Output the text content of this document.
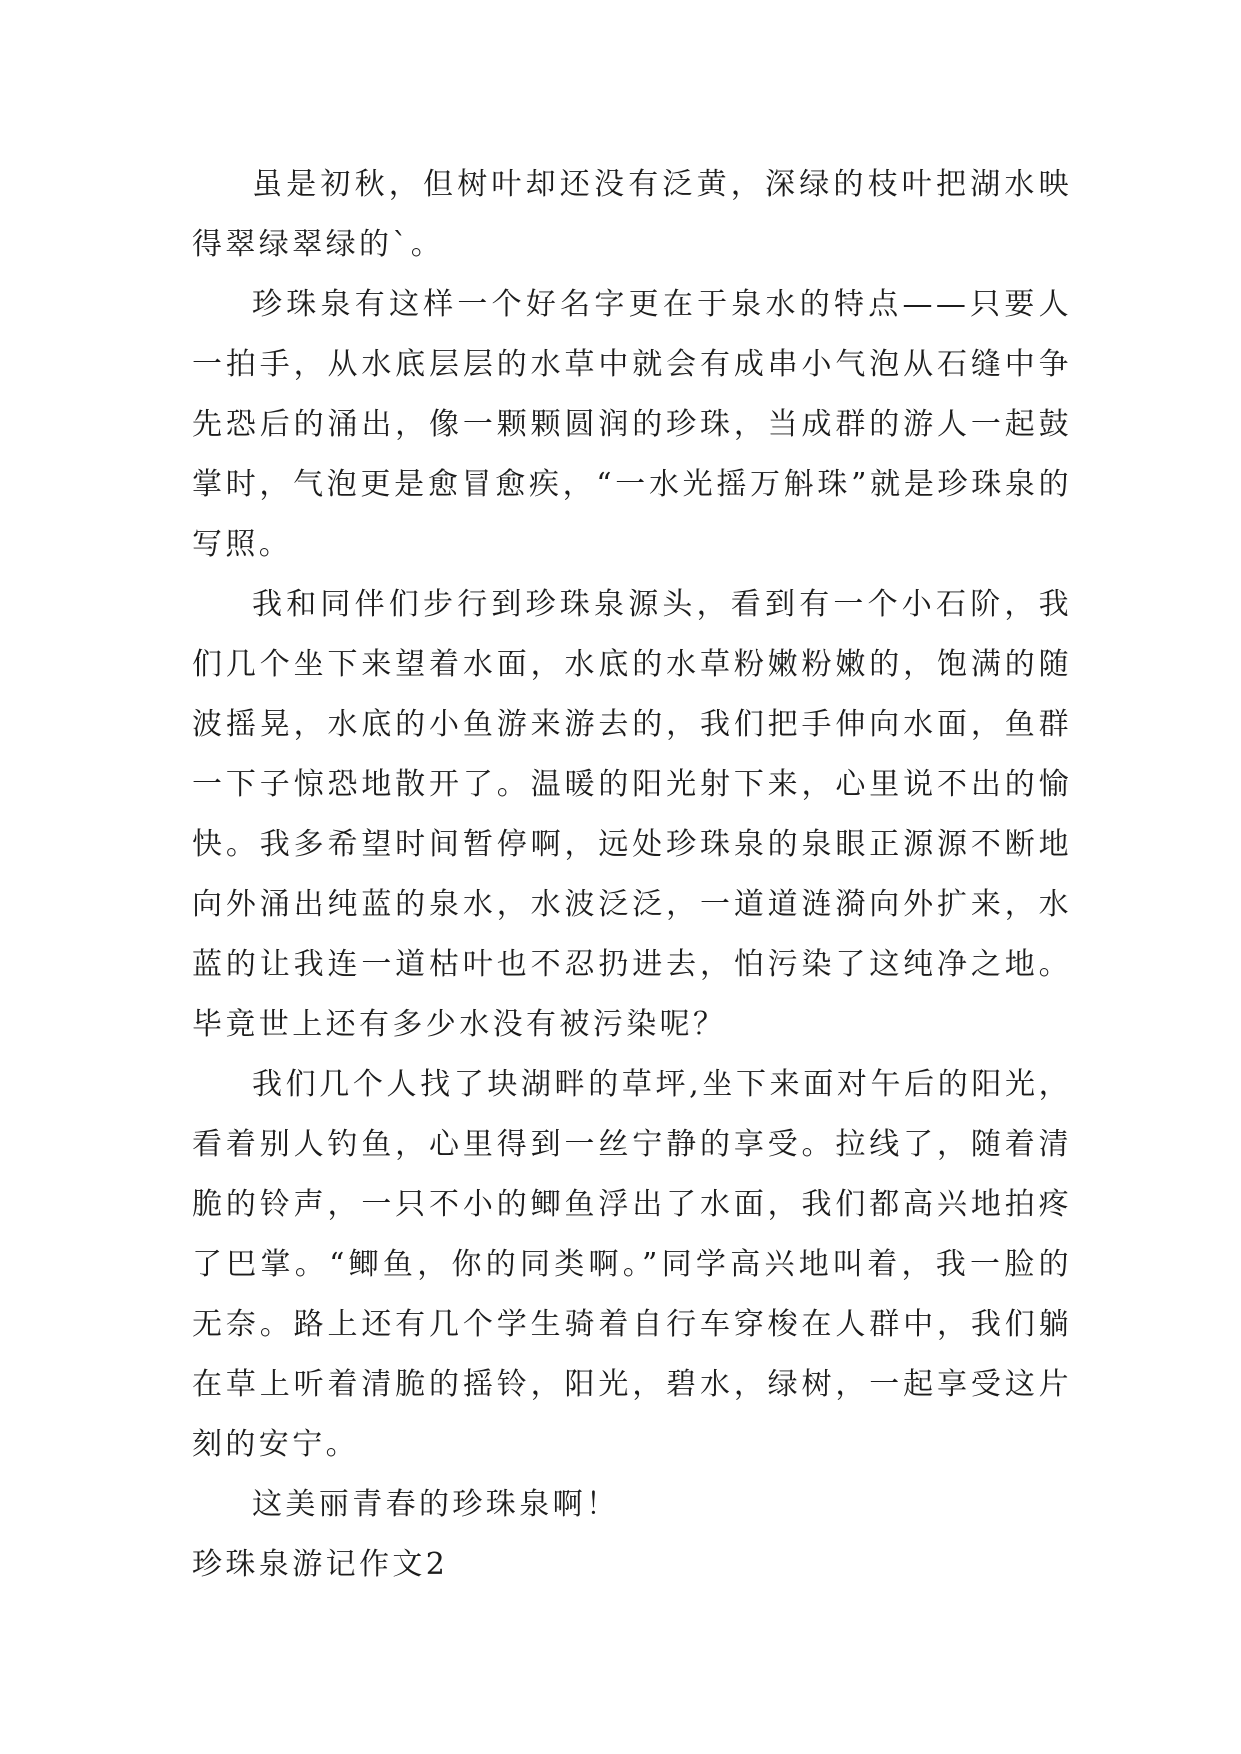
虽是初秋，但树叶却还没有泛黄，深绿的枝叶把湖水映得翠绿翠绿的`。

珍珠泉有这样一个好名字更在于泉水的特点——只要人一拍手，从水底层层的水草中就会有成串小气泡从石缝中争先恐后的涌出，像一颗颗圆润的珍珠，当成群的游人一起鼓掌时，气泡更是愈冒愈疾，“一水光摇万斛珠”就是珍珠泉的写照。

我和同伴们步行到珍珠泉源头，看到有一个小石阶，我们几个坐下来望着水面，水底的水草粉嫩粉嫩的，饱满的随波摇晃，水底的小鱼游来游去的，我们把手伸向水面，鱼群一下子惊恐地散开了。温暖的阳光射下来，心里说不出的愉快。我多希望时间暂停啊，远处珍珠泉的泉眼正源源不断地向外涌出纯蓝的泉水，水波泛泛，一道道涟漪向外扩来，水蓝的让我连一道枯叶也不忍扔进去，怕污染了这纯净之地。毕竟世上还有多少水没有被污染呢？

我们几个人找了块湖畔的草坪,坐下来面对午后的阳光，看着别人钓鱼，心里得到一丝宁静的享受。拉线了，随着清脆的铃声，一只不小的鲫鱼浮出了水面，我们都高兴地拍疼了巴掌。“鲫鱼，你的同类啊。”同学高兴地叫着，我一脸的无奈。路上还有几个学生骑着自行车穿梭在人群中，我们躺在草上听着清脆的摇铃，阳光，碧水，绿树，一起享受这片刻的安宁。

这美丽青春的珍珠泉啊！

珍珠泉游记作文2
